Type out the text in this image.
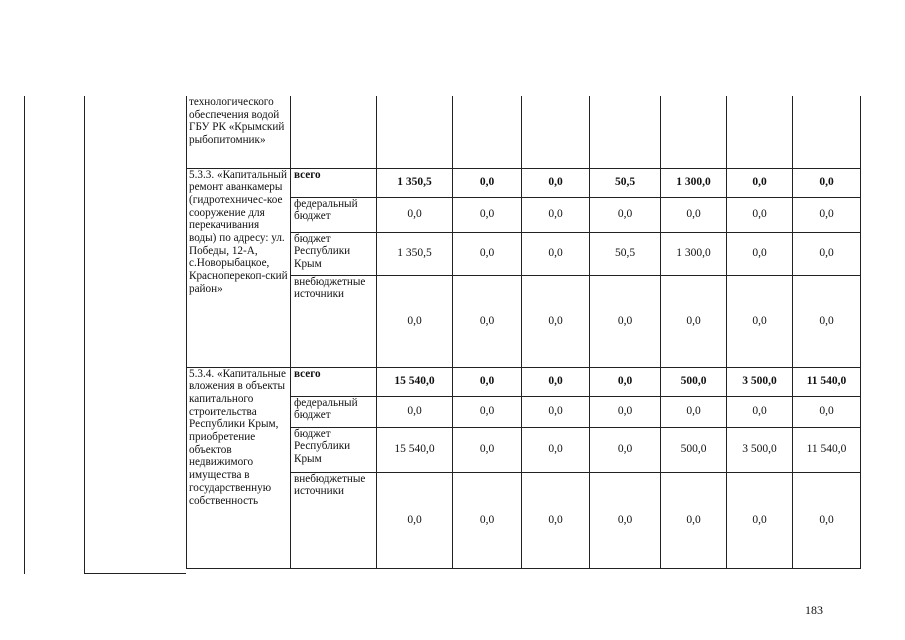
технологического обеспечения водой ГБУ РК «Крымский рыбопитомник»								
5.3.3. «Капитальный ремонт аванкамеры (гидротехничес-кое сооружение для перекачивания воды) по адресу: ул. Победы, 12-А, с.Новорыбацкое, Красноперекоп-ский район»	всего	1 350,5	0,0	0,0	50,5	1 300,0	0,0	0,0
	федеральный бюджет	0,0	0,0	0,0	0,0	0,0	0,0	0,0
	бюджет Республики Крым	1 350,5	0,0	0,0	50,5	1 300,0	0,0	0,0
	внебюджетные источники	0,0	0,0	0,0	0,0	0,0	0,0	0,0
5.3.4. «Капитальные вложения в объекты капитального строительства Республики Крым, приобретение объектов недвижимого имущества в государственную собственность	всего	15 540,0	0,0	0,0	0,0	500,0	3 500,0	11 540,0
	федеральный бюджет	0,0	0,0	0,0	0,0	0,0	0,0	0,0
	бюджет Республики Крым	15 540,0	0,0	0,0	0,0	500,0	3 500,0	11 540,0
	внебюджетные источники	0,0	0,0	0,0	0,0	0,0	0,0	0,0
183
